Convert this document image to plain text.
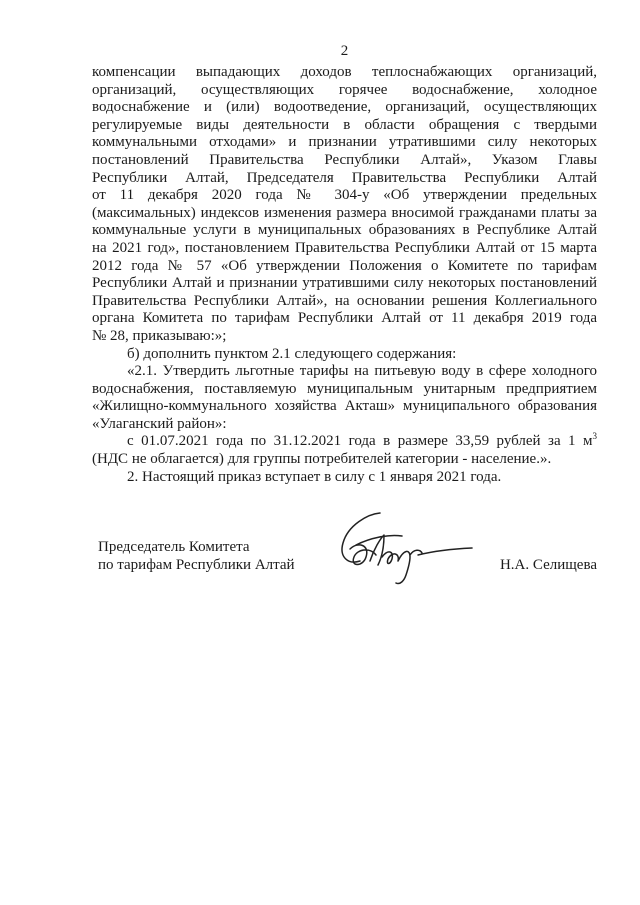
2
компенсации выпадающих доходов теплоснабжающих организаций,
организаций, осуществляющих горячее водоснабжение, холодное
водоснабжение и (или) водоотведение, организаций, осуществляющих
регулируемые виды деятельности в области обращения с твердыми
коммунальными отходами» и признании утратившими силу некоторых
постановлений Правительства Республики Алтай», Указом Главы
Республики Алтай, Председателя Правительства Республики Алтай
от 11 декабря 2020 года № 304-у «Об утверждении предельных
(максимальных) индексов изменения размера вносимой гражданами платы за
коммунальные услуги в муниципальных образованиях в Республике Алтай
на 2021 год», постановлением Правительства Республики Алтай от 15 марта
2012 года № 57 «Об утверждении Положения о Комитете по тарифам
Республики Алтай и признании утратившими силу некоторых постановлений
Правительства Республики Алтай», на основании решения Коллегиального
органа Комитета по тарифам Республики Алтай от 11 декабря 2019 года
№ 28, приказываю:»;
б) дополнить пунктом 2.1 следующего содержания:
«2.1. Утвердить льготные тарифы на питьевую воду в сфере холодного
водоснабжения, поставляемую муниципальным унитарным предприятием
«Жилищно-коммунального хозяйства Акташ» муниципального образования
«Улаганский район»:
с 01.07.2021 года по 31.12.2021 года в размере 33,59 рублей за 1 $м^3$
(НДС не облагается) для группы потребителей категории - население.».
2. Настоящий приказ вступает в силу с 1 января 2021 года.
Председатель Комитета
по тарифам Республики Алтай	Н.А. Селищева
